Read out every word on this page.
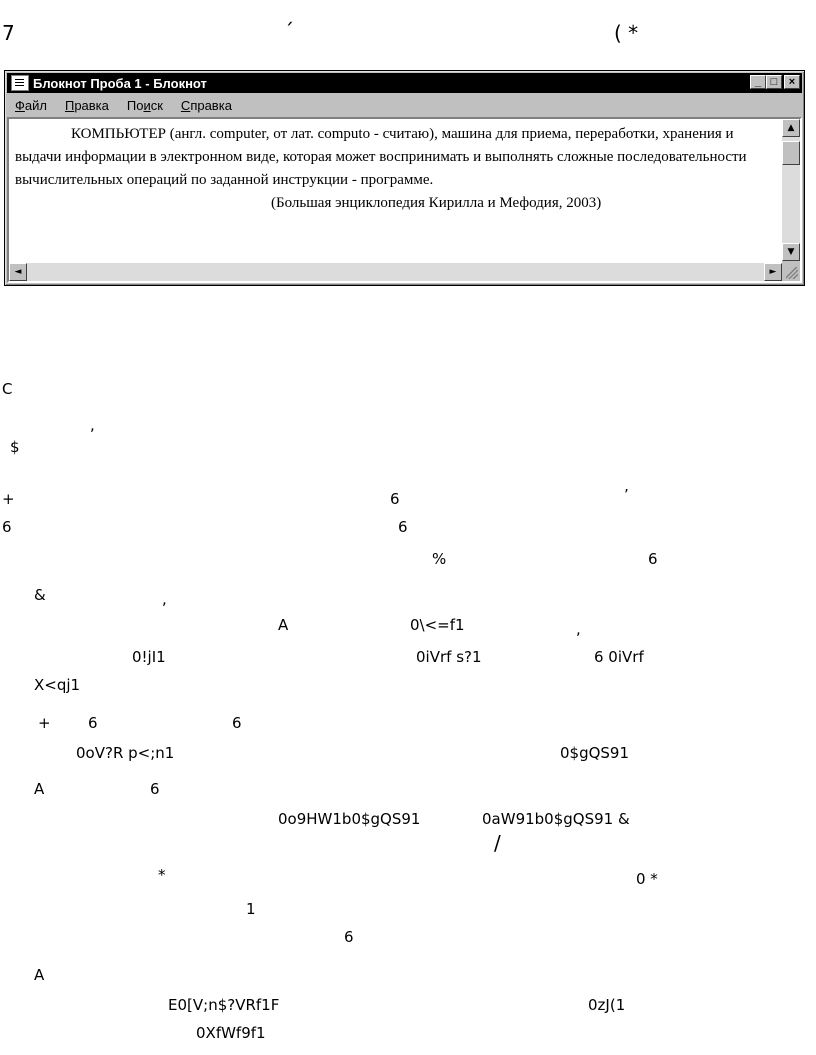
7	´	( *
Блокнот Проба 1 - Блокнот	_ □	×
Файл Правка Поиск Справка

КОМПЬЮТЕР (англ. computer, от лат. computo - считаю), машина для приема, переработки, хранения и выдачи информации в электронном виде, которая может воспринимать и выполнять сложные последовательности вычислительных операций по заданной инструкции - программе.

(Большая энциклопедия Кирилла и Мефодия, 2003)

▲
▼
◄	►
C
,
$
+	6	’
6	6
%	6
&	,
A	0\<=f1	,
0!jI1	0iVrf s?1	6 0iVrf
X<qj1
+ 6	6
0oV?R p<;n1	0$gQS91
A	6
0o9HW1b0$gQS91	0aW91b0$gQS91 &
/
*	0 *
1
6
A
E0[V;n$?VRf1F	0zJ(1
0XfWf9f1
